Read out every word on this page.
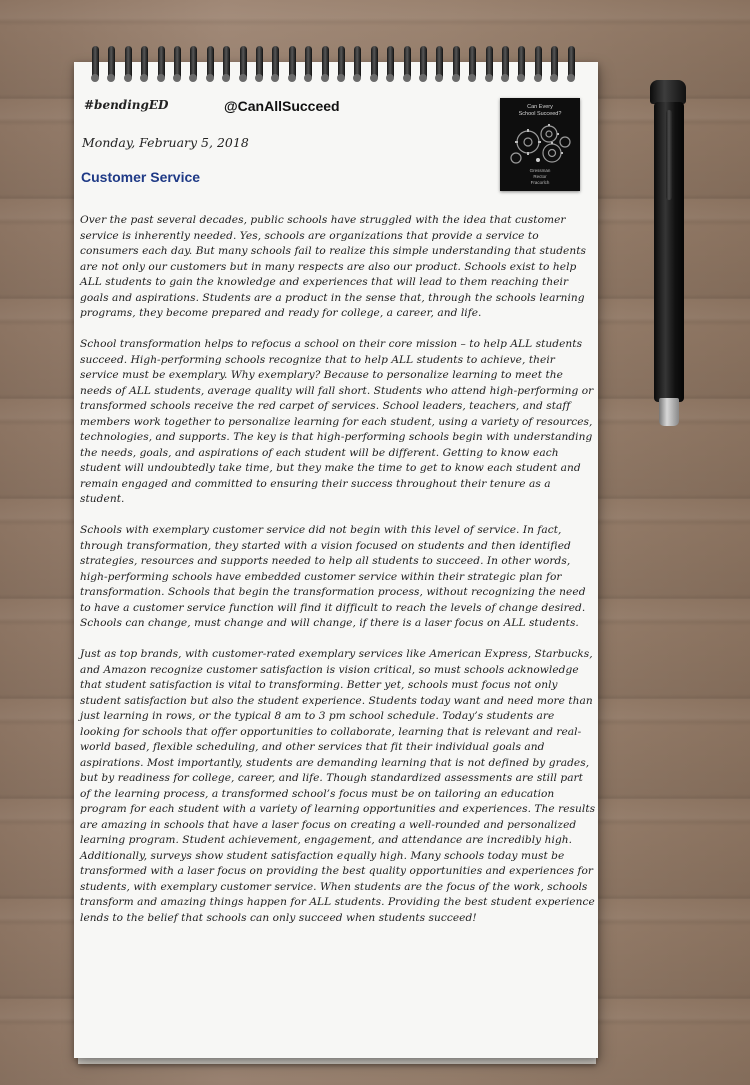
#bendingED	@CanAllSucceed
Monday, February 5, 2018
Customer Service
Can Every
School Succeed?
Gressman
Rector
Fracorlch

Over the past several decades, public schools have struggled with the idea that customer service is inherently needed. Yes, schools are organizations that provide a service to consumers each day. But many schools fail to realize this simple understanding that students are not only our customers but in many respects are also our product. Schools exist to help ALL students to gain the knowledge and experiences that will lead to them reaching their goals and aspirations. Students are a product in the sense that, through the schools learning programs, they become prepared and ready for college, a career, and life.

School transformation helps to refocus a school on their core mission – to help ALL students succeed. High-performing schools recognize that to help ALL students to achieve, their service must be exemplary. Why exemplary? Because to personalize learning to meet the needs of ALL students, average quality will fall short. Students who attend high-performing or transformed schools receive the red carpet of services. School leaders, teachers, and staff members work together to personalize learning for each student, using a variety of resources, technologies, and supports. The key is that high-performing schools begin with understanding the needs, goals, and aspirations of each student will be different. Getting to know each student will undoubtedly take time, but they make the time to get to know each student and remain engaged and committed to ensuring their success throughout their tenure as a student.

Schools with exemplary customer service did not begin with this level of service. In fact, through transformation, they started with a vision focused on students and then identified strategies, resources and supports needed to help all students to succeed. In other words, high-performing schools have embedded customer service within their strategic plan for transformation. Schools that begin the transformation process, without recognizing the need to have a customer service function will find it difficult to reach the levels of change desired. Schools can change, must change and will change, if there is a laser focus on ALL students.

Just as top brands, with customer-rated exemplary services like American Express, Starbucks, and Amazon recognize customer satisfaction is vision critical, so must schools acknowledge that student satisfaction is vital to transforming. Better yet, schools must focus not only student satisfaction but also the student experience. Students today want and need more than just learning in rows, or the typical 8 am to 3 pm school schedule. Today’s students are looking for schools that offer opportunities to collaborate, learning that is relevant and real-world based, flexible scheduling, and other services that fit their individual goals and aspirations. Most importantly, students are demanding learning that is not defined by grades, but by readiness for college, career, and life. Though standardized assessments are still part of the learning process, a transformed school’s focus must be on tailoring an education program for each student with a variety of learning opportunities and experiences. The results are amazing in schools that have a laser focus on creating a well-rounded and personalized learning program. Student achievement, engagement, and attendance are incredibly high. Additionally, surveys show student satisfaction equally high. Many schools today must be transformed with a laser focus on providing the best quality opportunities and experiences for students, with exemplary customer service. When students are the focus of the work, schools transform and amazing things happen for ALL students. Providing the best student experience lends to the belief that schools can only succeed when students succeed!
